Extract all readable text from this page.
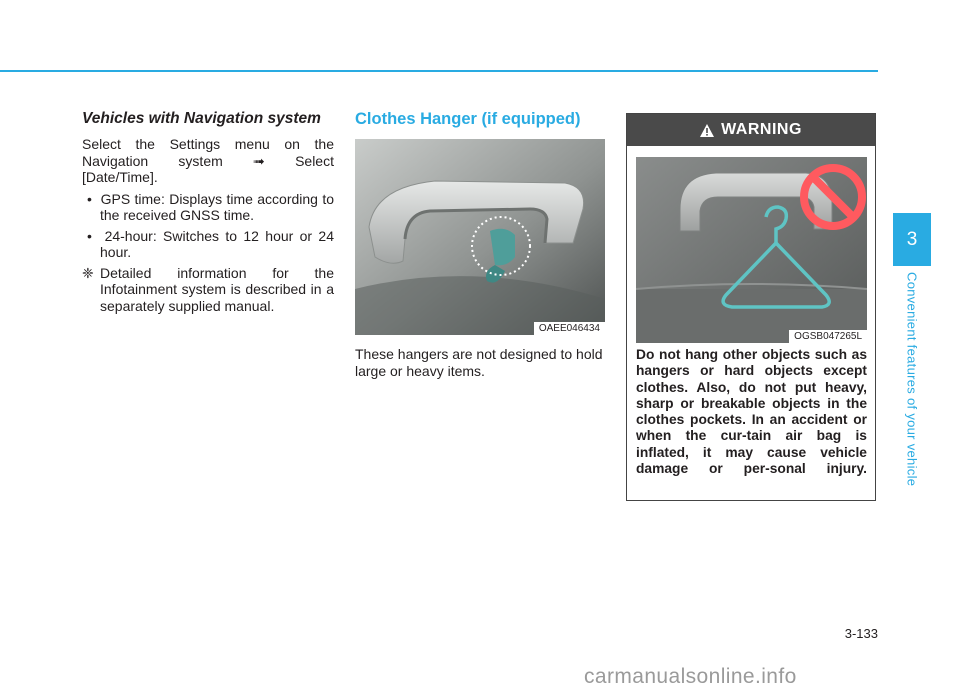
Vehicles with Navigation system

Select the Settings menu on the Navigation system ➟ Select [Date/Time].

•  GPS time: Displays time according to the received GNSS time.

•  24-hour: Switches to 12 hour or 24 hour.

❈ Detailed information for the Infotainment system is described in a separately supplied manual.

Clothes Hanger (if equipped)
OAEE046434
These hangers are not designed to hold large or heavy items.
WARNING
OGSB047265L
Do not hang other objects such as hangers or hard objects except clothes. Also, do not put heavy, sharp or breakable objects in the clothes pockets. In an accident or when the cur-tain air bag is inflated, it may cause vehicle damage or per-sonal injury.
3
Convenient features of your vehicle
3-133
carmanualsonline.info
